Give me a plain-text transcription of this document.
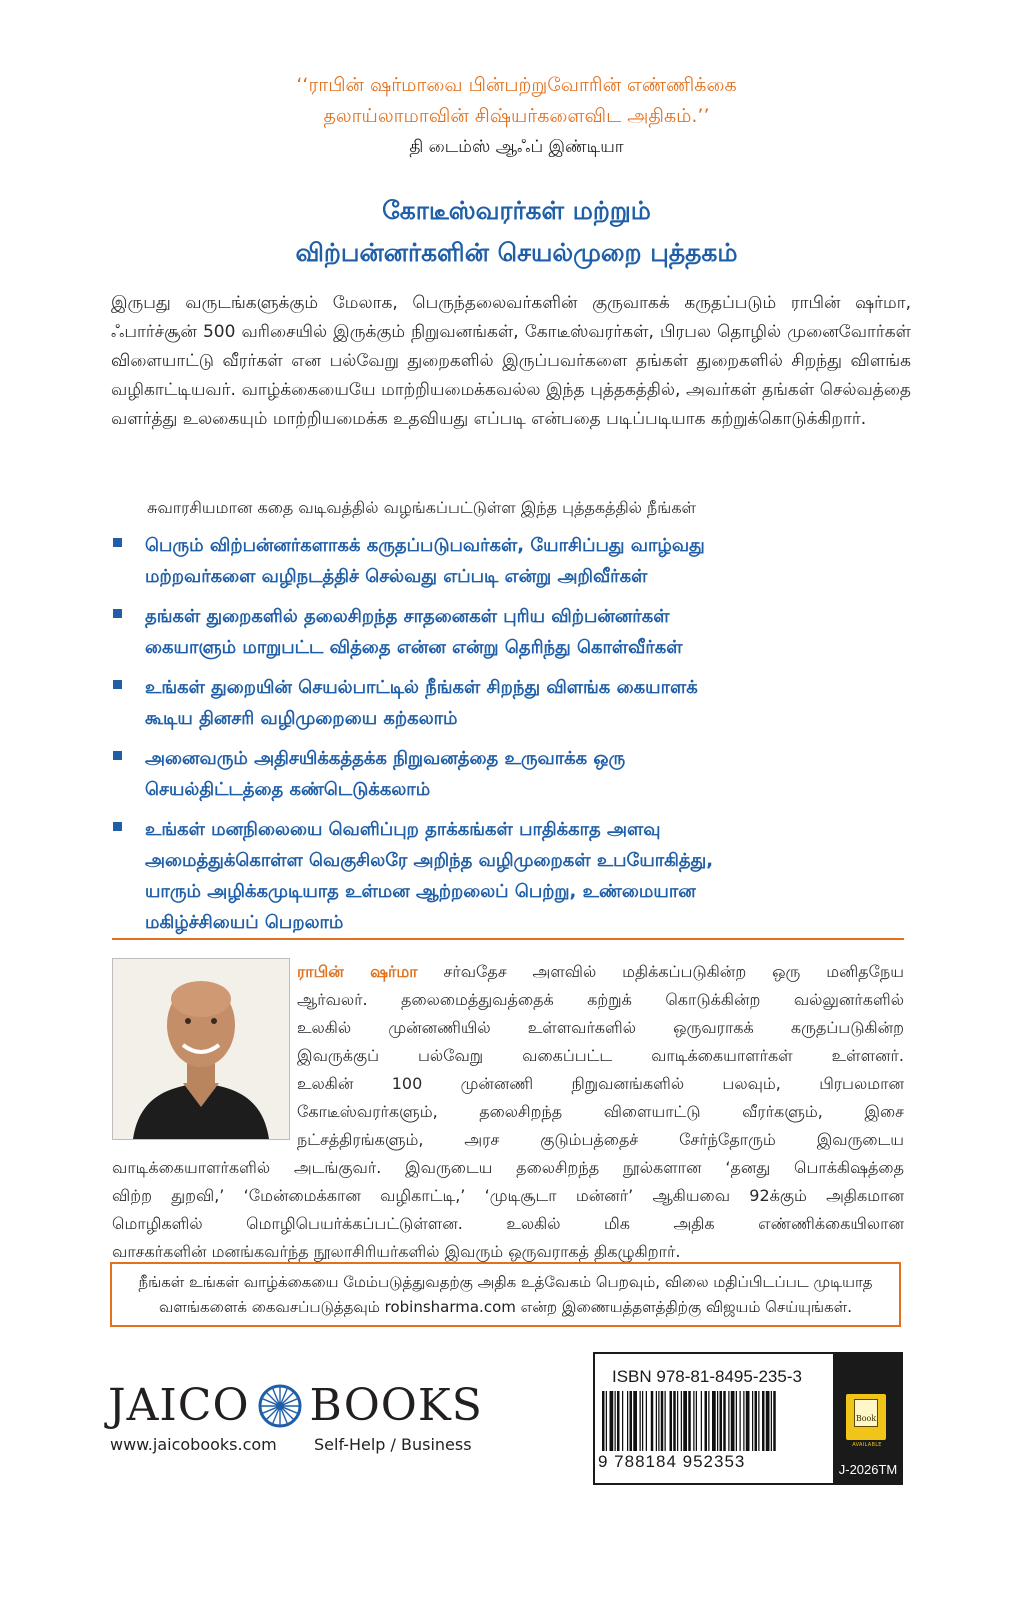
‘‘ராபின் ஷர்மாவை பின்பற்றுவோரின் எண்ணிக்கை

தலாய்லாமாவின் சிஷ்யர்களைவிட அதிகம்.’’

தி டைம்ஸ் ஆஃப் இண்டியா

கோடீஸ்வரர்கள் மற்றும்
விற்பன்னர்களின் செயல்முறை புத்தகம்

இருபது வருடங்களுக்கும் மேலாக, பெருந்தலைவர்களின் குருவாகக் கருதப்படும் ராபின் ஷர்மா, ஃபார்ச்சூன் 500 வரிசையில் இருக்கும் நிறுவனங்கள், கோடீஸ்வரர்கள், பிரபல தொழில் முனைவோர்கள் விளையாட்டு வீரர்கள் என பல்வேறு துறைகளில் இருப்பவர்களை தங்கள் துறைகளில் சிறந்து விளங்க வழிகாட்டியவர். வாழ்க்கையையே மாற்றியமைக்கவல்ல இந்த புத்தகத்தில், அவர்கள் தங்கள் செல்வத்தை வளர்த்து உலகையும் மாற்றியமைக்க உதவியது எப்படி என்பதை படிப்படியாக கற்றுக்கொடுக்கிறார்.

சுவாரசியமான கதை வடிவத்தில் வழங்கப்பட்டுள்ள இந்த புத்தகத்தில் நீங்கள்
பெரும் விற்பன்னர்களாகக் கருதப்படுபவர்கள், யோசிப்பது வாழ்வது
மற்றவர்களை வழிநடத்திச் செல்வது எப்படி என்று அறிவீர்கள்
தங்கள் துறைகளில் தலைசிறந்த சாதனைகள் புரிய விற்பன்னர்கள்
கையாளும் மாறுபட்ட வித்தை என்ன என்று தெரிந்து கொள்வீர்கள்
உங்கள் துறையின் செயல்பாட்டில் நீங்கள் சிறந்து விளங்க கையாளக்
கூடிய தினசரி வழிமுறையை கற்கலாம்
அனைவரும் அதிசயிக்கத்தக்க நிறுவனத்தை உருவாக்க ஒரு
செயல்திட்டத்தை கண்டெடுக்கலாம்
உங்கள் மனநிலையை வெளிப்புற தாக்கங்கள் பாதிக்காத அளவு
அமைத்துக்கொள்ள வெகுசிலரே அறிந்த வழிமுறைகள் உபயோகித்து,
யாரும் அழிக்கமுடியாத உள்மன ஆற்றலைப் பெற்று, உண்மையான
மகிழ்ச்சியைப் பெறலாம்
ராபின் ஷர்மா சர்வதேச அளவில் மதிக்கப்படுகின்ற ஒரு மனிதநேய
ஆர்வலர். தலைமைத்துவத்தைக் கற்றுக் கொடுக்கின்ற வல்லுனர்களில்
உலகில் முன்னணியில் உள்ளவர்களில் ஒருவராகக் கருதப்படுகின்ற
இவருக்குப் பல்வேறு வகைப்பட்ட வாடிக்கையாளர்கள் உள்ளனர்.
உலகின் 100 முன்னணி நிறுவனங்களில் பலவும், பிரபலமான
கோடீஸ்வரர்களும், தலைசிறந்த விளையாட்டு வீரர்களும், இசை
நட்சத்திரங்களும், அரச குடும்பத்தைச் சேர்ந்தோரும் இவருடைய
வாடிக்கையாளர்களில் அடங்குவர். இவருடைய தலைசிறந்த நூல்களான ‘தனது பொக்கிஷத்தை
விற்ற துறவி,’ ‘மேன்மைக்கான வழிகாட்டி,’ ‘முடிசூடா மன்னர்’ ஆகியவை 92க்கும் அதிகமான
மொழிகளில் மொழிபெயர்க்கப்பட்டுள்ளன. உலகில் மிக அதிக எண்ணிக்கையிலான
வாசகர்களின் மனங்கவர்ந்த நூலாசிரியர்களில் இவரும் ஒருவராகத் திகழுகிறார்.
நீங்கள் உங்கள் வாழ்க்கையை மேம்படுத்துவதற்கு அதிக உத்வேகம் பெறவும், விலை மதிப்பிடப்பட முடியாத
வளங்களைக் கைவசப்படுத்தவும் robinsharma.com என்ற இணையத்தளத்திற்கு விஜயம் செய்யுங்கள்.
JAICO BOOKS
www.jaicobooks.com Self-Help / Business
ISBN 978-81-8495-235-3
9 788184 952353
Book
AVAILABLE
J-2026TM
